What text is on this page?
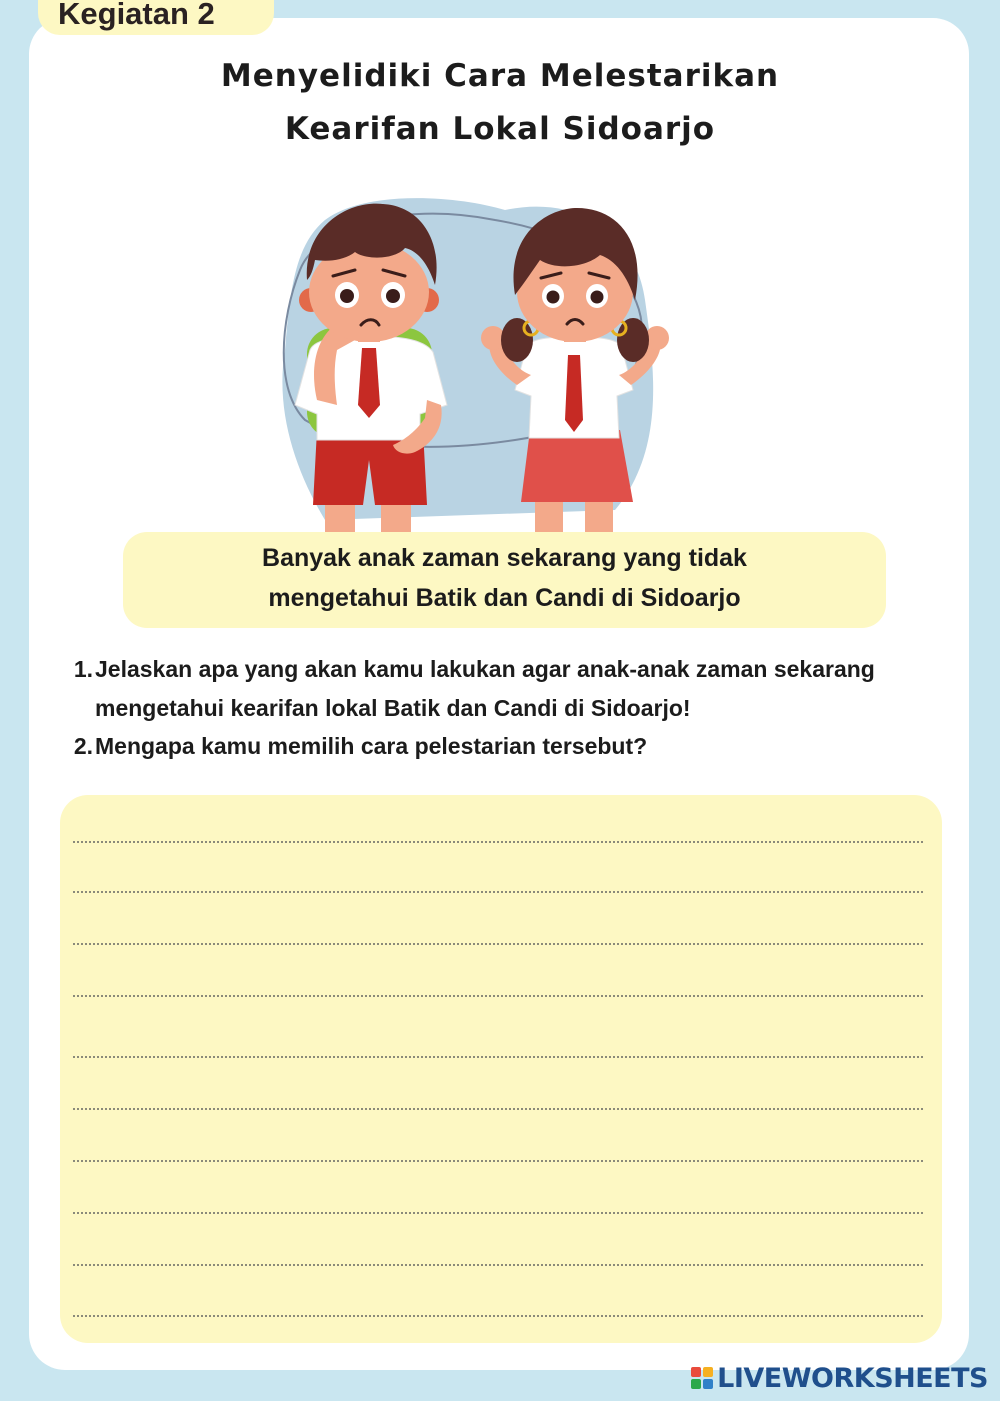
Kegiatan 2
Menyelidiki Cara Melestarikan
Kearifan Lokal Sidoarjo
Banyak anak zaman sekarang yang tidak
mengetahui Batik dan Candi di Sidoarjo
1. Jelaskan apa yang akan kamu lakukan agar anak-anak zaman sekarang mengetahui kearifan lokal Batik dan Candi di Sidoarjo!
2. Mengapa kamu memilih cara pelestarian tersebut?
LIVEWORKSHEETS
